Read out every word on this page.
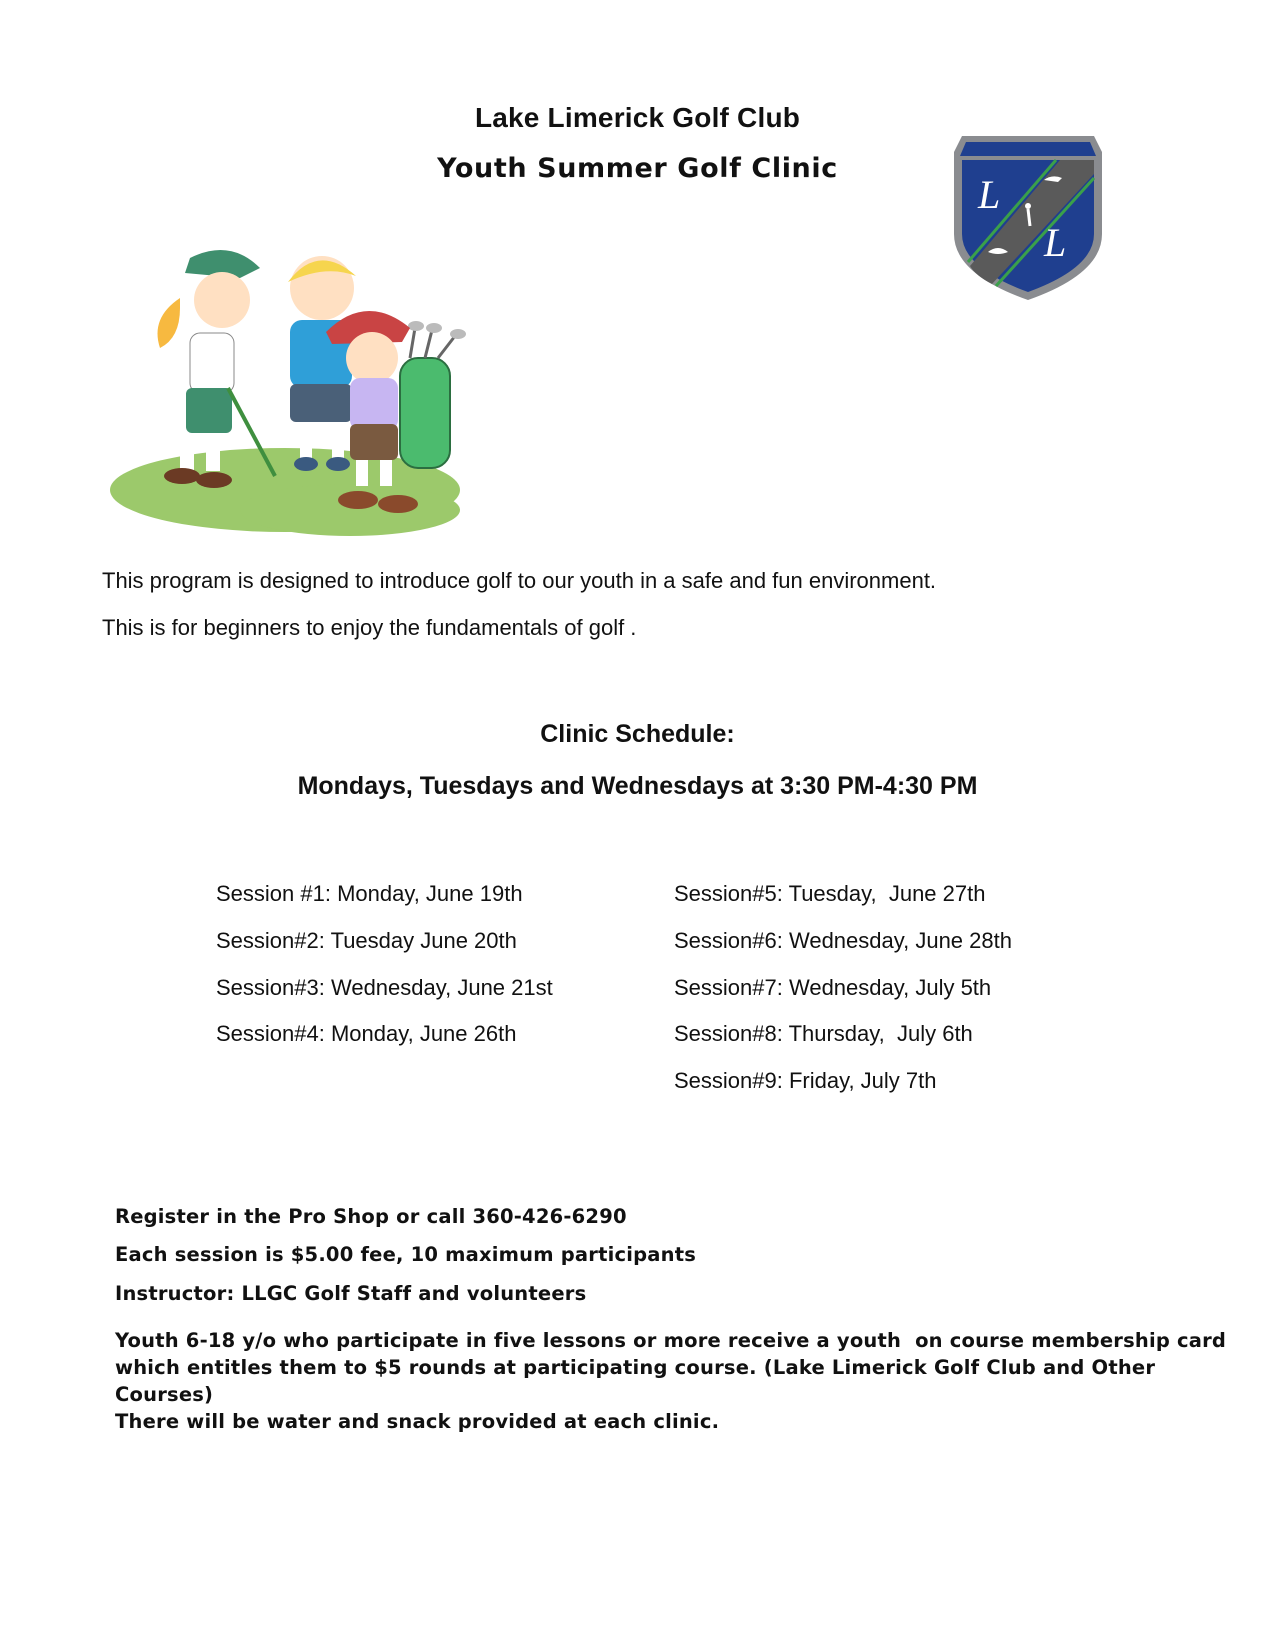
Lake Limerick Golf Club
Youth Summer Golf Clinic
L
L
This program is designed to introduce golf to our youth in a safe and fun environment.
This is for beginners to enjoy the fundamentals of golf .
Clinic Schedule:
Mondays, Tuesdays and Wednesdays at 3:30 PM-4:30 PM
Session #1: Monday, June 19th
Session#2: Tuesday June 20th
Session#3: Wednesday, June 21st
Session#4: Monday, June 26th
Session#5: Tuesday,  June 27th
Session#6: Wednesday, June 28th
Session#7: Wednesday, July 5th
Session#8: Thursday,  July 6th
Session#9: Friday, July 7th
Register in the Pro Shop or call 360-426-6290
Each session is $5.00 fee, 10 maximum participants
Instructor: LLGC Golf Staff and volunteers
Youth 6-18 y/o who participate in five lessons or more receive a youth  on course membership card
which entitles them to $5 rounds at participating course. (Lake Limerick Golf Club and Other Courses)
There will be water and snack provided at each clinic.
